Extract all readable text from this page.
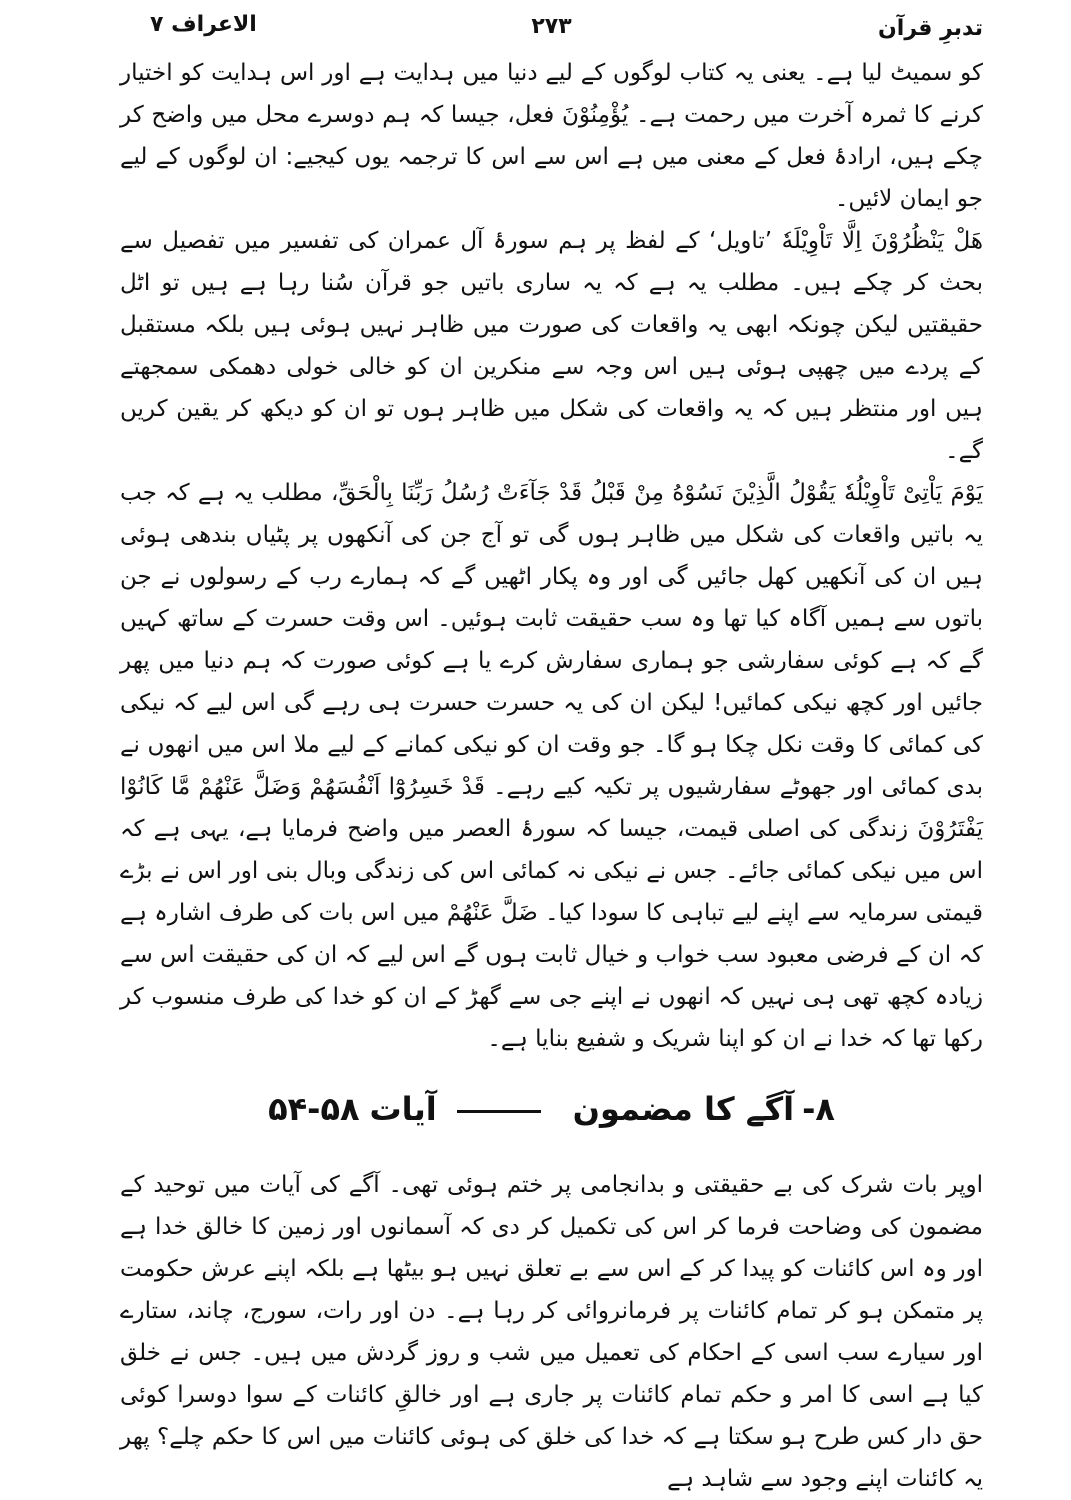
تدبرِ قرآن
۲۷۳
الاعراف ۷

کو سمیٹ لیا ہے۔ یعنی یہ کتاب لوگوں کے لیے دنیا میں ہدایت ہے اور اس ہدایت کو اختیار کرنے کا ثمرہ آخرت میں رحمت ہے۔ یُؤْمِنُوْنَ فعل، جیسا کہ ہم دوسرے محل میں واضح کر چکے ہیں، ارادۂ فعل کے معنی میں ہے اس سے اس کا ترجمہ یوں کیجیے: ان لوگوں کے لیے جو ایمان لائیں۔

هَلْ یَنْظُرُوْنَ اِلَّا تَاْوِیْلَهٗ ’تاویل‘ کے لفظ پر ہم سورۂ آل عمران کی تفسیر میں تفصیل سے بحث کر چکے ہیں۔ مطلب یہ ہے کہ یہ ساری باتیں جو قرآن سُنا رہا ہے ہیں تو اٹل حقیقتیں لیکن چونکہ ابھی یہ واقعات کی صورت میں ظاہر نہیں ہوئی ہیں بلکہ مستقبل کے پردے میں چھپی ہوئی ہیں اس وجہ سے منکرین ان کو خالی خولی دھمکی سمجھتے ہیں اور منتظر ہیں کہ یہ واقعات کی شکل میں ظاہر ہوں تو ان کو دیکھ کر یقین کریں گے۔

یَوْمَ یَاْتِیْ تَاْوِیْلُهٗ یَقُوْلُ الَّذِیْنَ نَسُوْهُ مِنْ قَبْلُ قَدْ جَآءَتْ رُسُلُ رَبِّنَا بِالْحَقِّ، مطلب یہ ہے کہ جب یہ باتیں واقعات کی شکل میں ظاہر ہوں گی تو آج جن کی آنکھوں پر پٹیاں بندھی ہوئی ہیں ان کی آنکھیں کھل جائیں گی اور وہ پکار اٹھیں گے کہ ہمارے رب کے رسولوں نے جن باتوں سے ہمیں آگاہ کیا تھا وہ سب حقیقت ثابت ہوئیں۔ اس وقت حسرت کے ساتھ کہیں گے کہ ہے کوئی سفارشی جو ہماری سفارش کرے یا ہے کوئی صورت کہ ہم دنیا میں پھر جائیں اور کچھ نیکی کمائیں! لیکن ان کی یہ حسرت حسرت ہی رہے گی اس لیے کہ نیکی کی کمائی کا وقت نکل چکا ہو گا۔ جو وقت ان کو نیکی کمانے کے لیے ملا اس میں انھوں نے بدی کمائی اور جھوٹے سفارشیوں پر تکیہ کیے رہے۔ قَدْ خَسِرُوْٓا اَنْفُسَهُمْ وَضَلَّ عَنْهُمْ مَّا كَانُوْا یَفْتَرُوْنَ زندگی کی اصلی قیمت، جیسا کہ سورۂ العصر میں واضح فرمایا ہے، یہی ہے کہ اس میں نیکی کمائی جائے۔ جس نے نیکی نہ کمائی اس کی زندگی وبال بنی اور اس نے بڑے قیمتی سرمایہ سے اپنے لیے تباہی کا سودا کیا۔ ضَلَّ عَنْهُمْ میں اس بات کی طرف اشارہ ہے کہ ان کے فرضی معبود سب خواب و خیال ثابت ہوں گے اس لیے کہ ان کی حقیقت اس سے زیادہ کچھ تھی ہی نہیں کہ انھوں نے اپنے جی سے گھڑ کے ان کو خدا کی طرف منسوب کر رکھا تھا کہ خدا نے ان کو اپنا شریک و شفیع بنایا ہے۔

۸-آگے کا مضمونآیات۵۴-۵۸

اوپر بات شرک کی بے حقیقتی و بدانجامی پر ختم ہوئی تھی۔ آگے کی آیات میں توحید کے مضمون کی وضاحت فرما کر اس کی تکمیل کر دی کہ آسمانوں اور زمین کا خالق خدا ہے اور وہ اس کائنات کو پیدا کر کے اس سے بے تعلق نہیں ہو بیٹھا ہے بلکہ اپنے عرش حکومت پر متمکن ہو کر تمام کائنات پر فرمانروائی کر رہا ہے۔ دن اور رات، سورج، چاند، ستارے اور سیارے سب اسی کے احکام کی تعمیل میں شب و روز گردش میں ہیں۔ جس نے خلق کیا ہے اسی کا امر و حکم تمام کائنات پر جاری ہے اور خالقِ کائنات کے سوا دوسرا کوئی حق دار کس طرح ہو سکتا ہے کہ خدا کی خلق کی ہوئی کائنات میں اس کا حکم چلے؟ پھر یہ کائنات اپنے وجود سے شاہد ہے
